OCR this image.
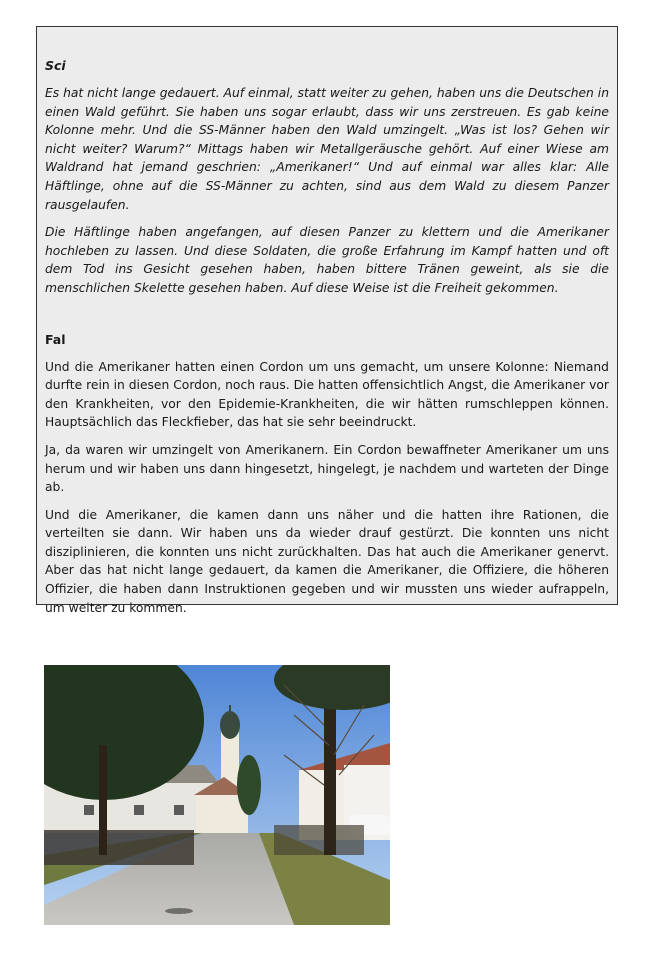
Sci

Es hat nicht lange gedauert. Auf einmal, statt weiter zu gehen, haben uns die Deutschen in einen Wald geführt. Sie haben uns sogar erlaubt, dass wir uns zerstreuen. Es gab keine Kolonne mehr. Und die SS-Männer haben den Wald umzingelt. „Was ist los? Gehen wir nicht weiter? Warum?“ Mittags haben wir Metallgeräusche gehört. Auf einer Wiese am Waldrand hat jemand geschrien: „Amerikaner!“ Und auf einmal war alles klar: Alle Häftlinge, ohne auf die SS-Männer zu achten, sind aus dem Wald zu diesem Panzer rausgelaufen.

Die Häftlinge haben angefangen, auf diesen Panzer zu klettern und die Amerikaner hochleben zu lassen. Und diese Soldaten, die große Erfahrung im Kampf hatten und oft dem Tod ins Gesicht gesehen haben, haben bittere Tränen geweint, als sie die menschlichen Skelette gesehen haben. Auf diese Weise ist die Freiheit gekommen.

Fal

Und die Amerikaner hatten einen Cordon um uns gemacht, um unsere Kolonne: Niemand durfte rein in diesen Cordon, noch raus. Die hatten offensichtlich Angst, die Amerikaner vor den Krankheiten, vor den Epidemie-Krankheiten, die wir hätten rumschleppen können. Hauptsächlich das Fleckfieber, das hat sie sehr beeindruckt.

Ja, da waren wir umzingelt von Amerikanern. Ein Cordon bewaffneter Amerikaner um uns herum und wir haben uns dann hingesetzt, hingelegt, je nachdem und warteten der Dinge ab.

Und die Amerikaner, die kamen dann uns näher und die hatten ihre Rationen, die verteilten sie dann. Wir haben uns da wieder drauf gestürzt. Die konnten uns nicht disziplinieren, die konnten uns nicht zurückhalten. Das hat auch die Amerikaner genervt. Aber das hat nicht lange gedauert, da kamen die Amerikaner, die Offiziere, die höheren Offizier, die haben dann Instruktionen gegeben und wir mussten uns wieder aufrappeln, um weiter zu kommen.
